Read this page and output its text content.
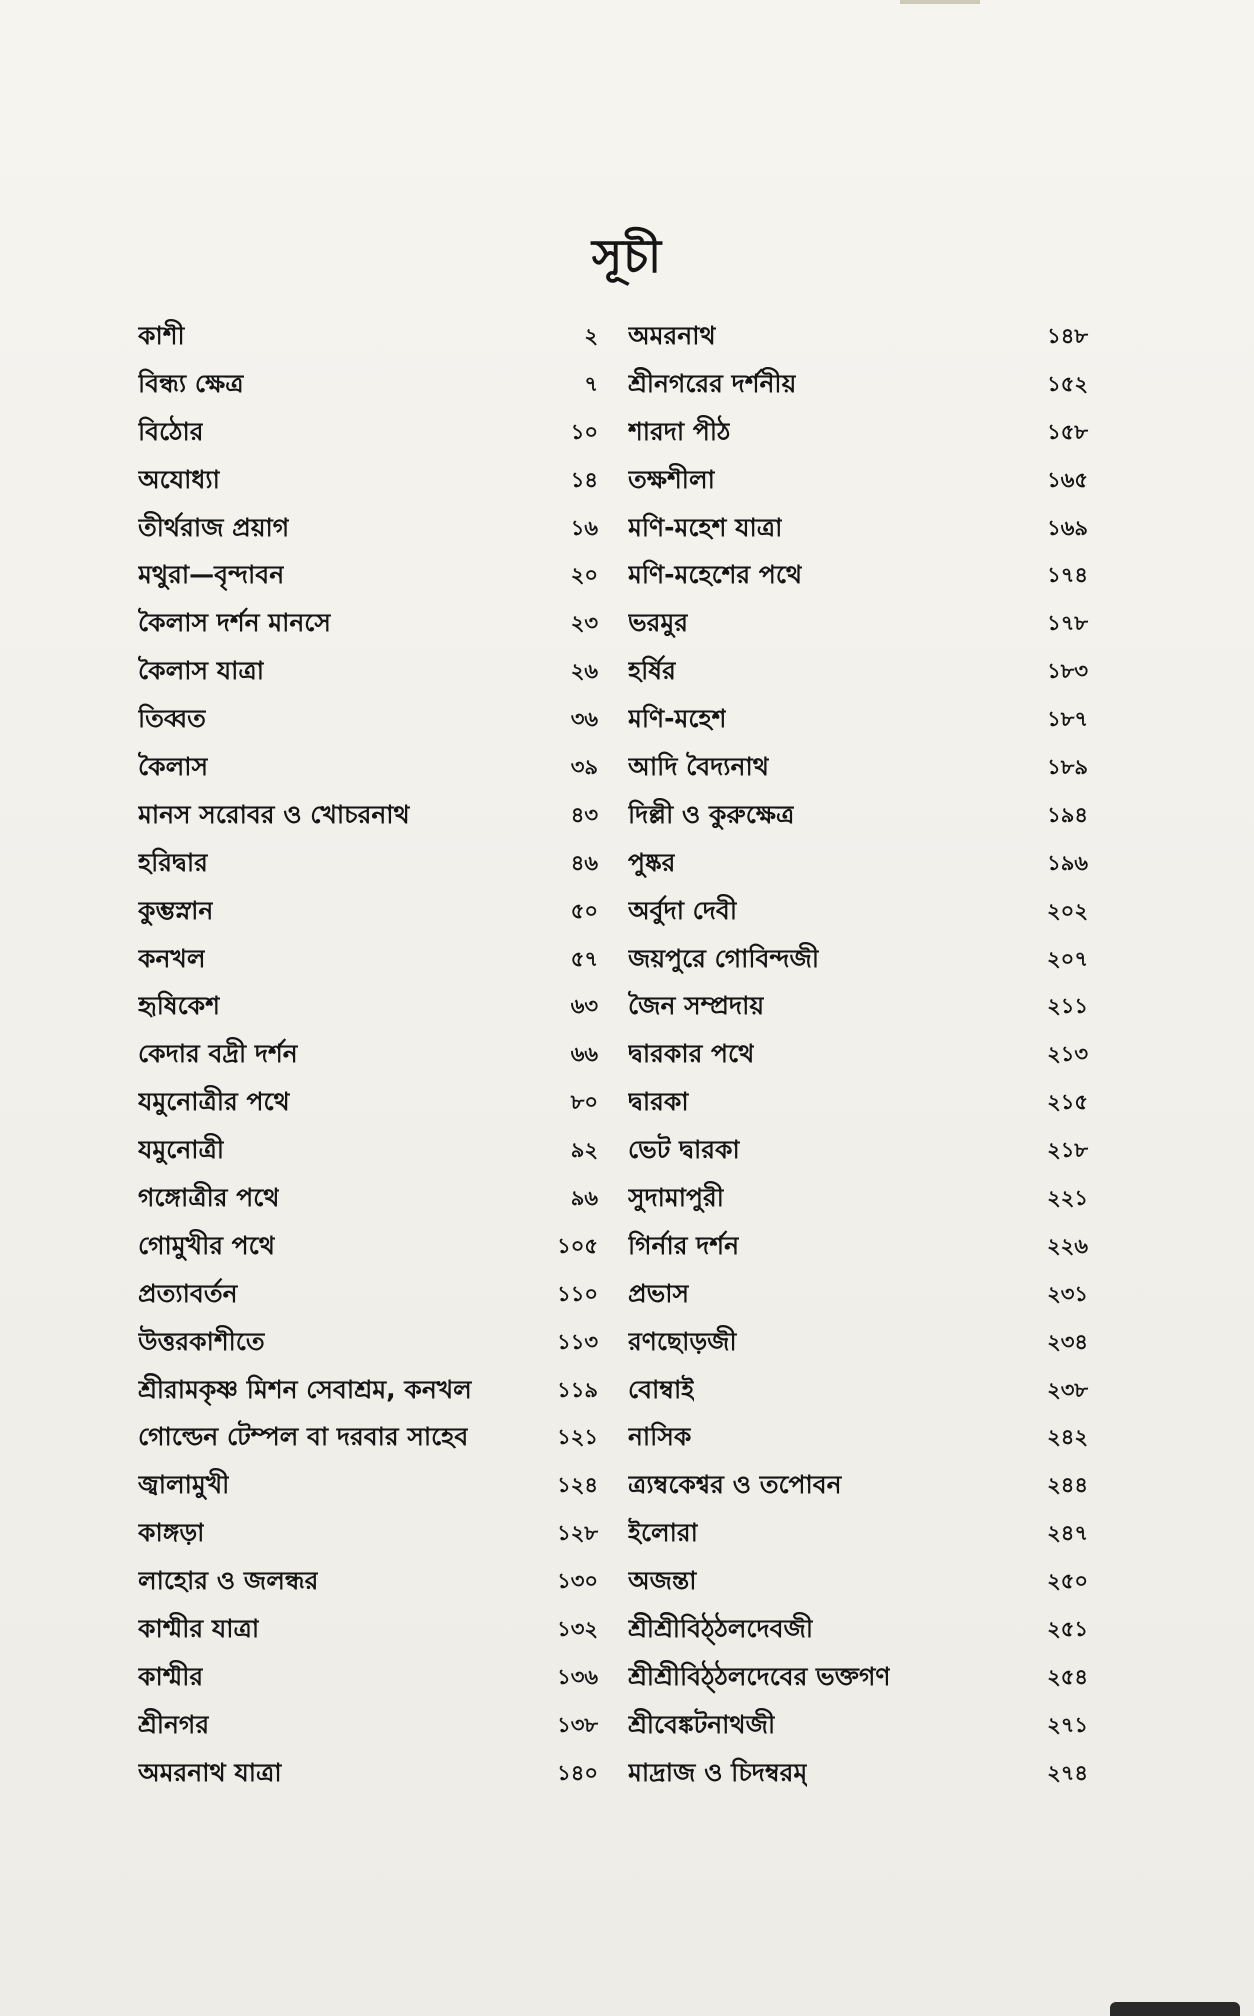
সূচী
কাশী	২
বিন্ধ্য ক্ষেত্র	৭
বিঠোর	১০
অযোধ্যা	১৪
তীর্থরাজ প্রয়াগ	১৬
মথুরা—বৃন্দাবন	২০
কৈলাস দর্শন মানসে	২৩
কৈলাস যাত্রা	২৬
তিব্বত	৩৬
কৈলাস	৩৯
মানস সরোবর ও খোচরনাথ	৪৩
হরিদ্বার	৪৬
কুম্ভস্নান	৫০
কনখল	৫৭
হৃষিকেশ	৬৩
কেদার বদ্রী দর্শন	৬৬
যমুনোত্রীর পথে	৮০
যমুনোত্রী	৯২
গঙ্গোত্রীর পথে	৯৬
গোমুখীর পথে	১০৫
প্রত্যাবর্তন	১১০
উত্তরকাশীতে	১১৩
শ্রীরামকৃষ্ণ মিশন সেবাশ্রম, কনখল	১১৯
গোল্ডেন টেম্পল বা দরবার সাহেব	১২১
জ্বালামুখী	১২৪
কাঙ্গড়া	১২৮
লাহোর ও জলন্ধর	১৩০
কাশ্মীর যাত্রা	১৩২
কাশ্মীর	১৩৬
শ্রীনগর	১৩৮
অমরনাথ যাত্রা	১৪০
অমরনাথ	১৪৮
শ্রীনগরের দর্শনীয়	১৫২
শারদা পীঠ	১৫৮
তক্ষশীলা	১৬৫
মণি-মহেশ যাত্রা	১৬৯
মণি-মহেশের পথে	১৭৪
ভরমুর	১৭৮
হর্ষির	১৮৩
মণি-মহেশ	১৮৭
আদি বৈদ্যনাথ	১৮৯
দিল্লী ও কুরুক্ষেত্র	১৯৪
পুষ্কর	১৯৬
অর্বুদা দেবী	২০২
জয়পুরে গোবিন্দজী	২০৭
জৈন সম্প্রদায়	২১১
দ্বারকার পথে	২১৩
দ্বারকা	২১৫
ভেট দ্বারকা	২১৮
সুদামাপুরী	২২১
গির্নার দর্শন	২২৬
প্রভাস	২৩১
রণছোড়জী	২৩৪
বোম্বাই	২৩৮
নাসিক	২৪২
ত্র্যম্বকেশ্বর ও তপোবন	২৪৪
ইলোরা	২৪৭
অজন্তা	২৫০
শ্রীশ্রীবিঠ্ঠলদেবজী	২৫১
শ্রীশ্রীবিঠ্ঠলদেবের ভক্তগণ	২৫৪
শ্রীবেঙ্কটনাথজী	২৭১
মাদ্রাজ ও চিদম্বরম্	২৭৪
